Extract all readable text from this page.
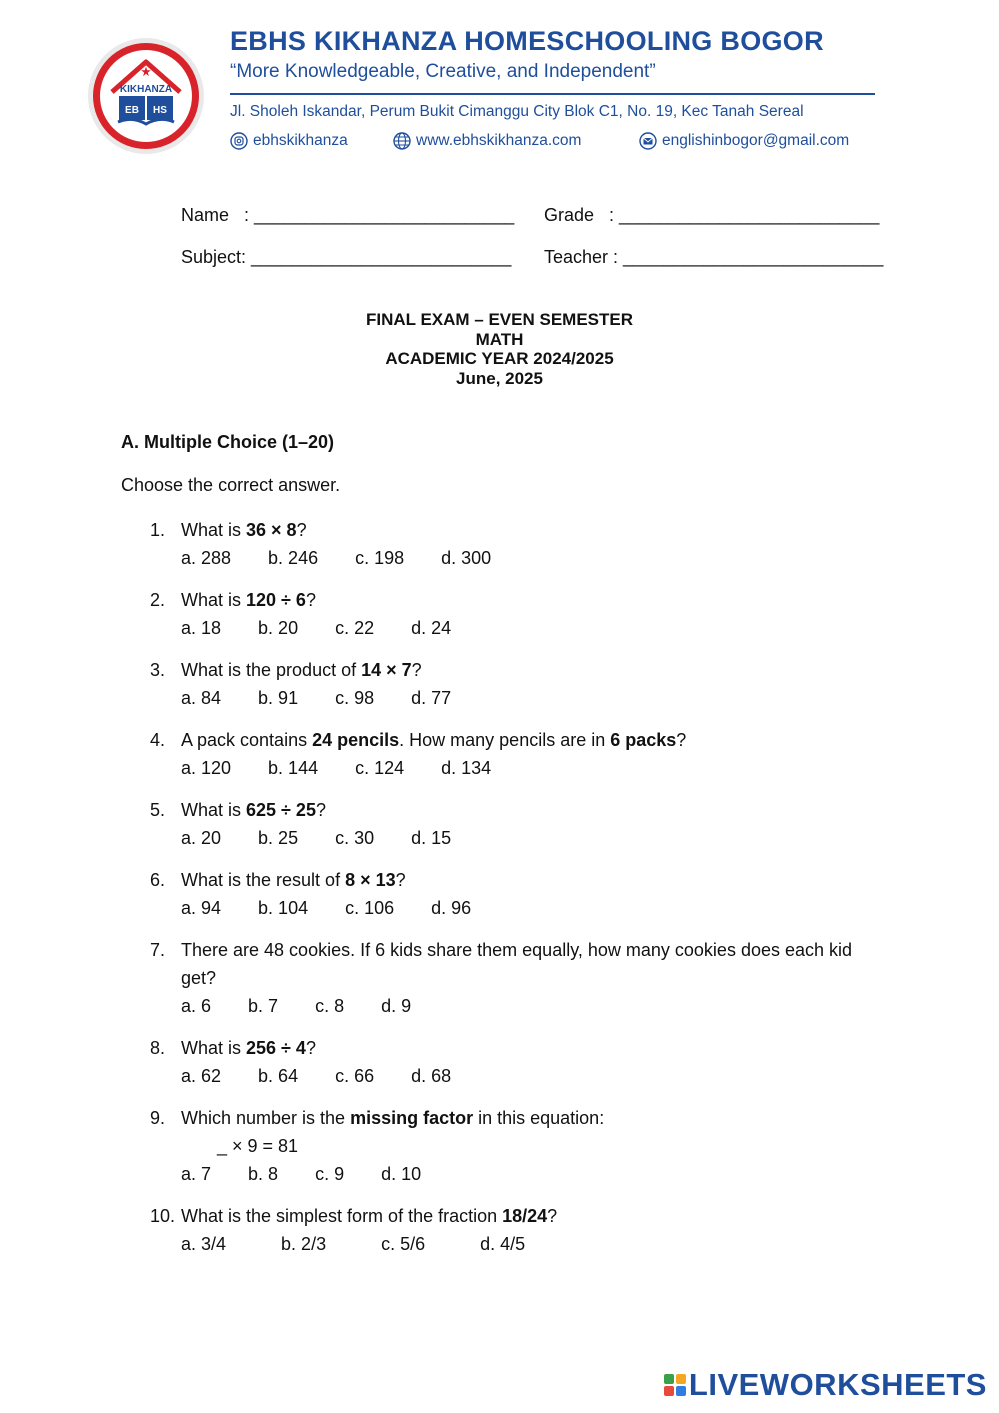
KIKHANZA
EB HS
EBHS KIKHANZA HOMESCHOOLING BOGOR
“More Knowledgeable, Creative, and Independent”
Jl. Sholeh Iskandar, Perum Bukit Cimanggu City Blok C1, No. 19, Kec Tanah Sereal
ebhskikhanza	www.ebhskikhanza.com	englishinbogor@gmail.com
Name   : __________________________ Grade   : __________________________
Subject: __________________________ Teacher : __________________________
FINAL EXAM – EVEN SEMESTER
MATH
ACADEMIC YEAR 2024/2025
June, 2025
A. Multiple Choice (1–20)
Choose the correct answer.
1. What is 36 × 8?
a. 288 b. 246 c. 198 d. 300
2. What is 120 ÷ 6?
a. 18 b. 20 c. 22 d. 24
3. What is the product of 14 × 7?
a. 84 b. 91 c. 98 d. 77
4. A pack contains 24 pencils. How many pencils are in 6 packs?
a. 120 b. 144 c. 124 d. 134
5. What is 625 ÷ 25?
a. 20 b. 25 c. 30 d. 15
6. What is the result of 8 × 13?
a. 94 b. 104 c. 106 d. 96
7. There are 48 cookies. If 6 kids share them equally, how many cookies does each kid get?
a. 6 b. 7 c. 8 d. 9
8. What is 256 ÷ 4?
a. 62 b. 64 c. 66 d. 68
9. Which number is the missing factor in this equation:
_ × 9 = 81
a. 7 b. 8 c. 9 d. 10
10. What is the simplest form of the fraction 18/24?
a. 3/4	b. 2/3	c. 5/6	d. 4/5
LIVEWORKSHEETS
